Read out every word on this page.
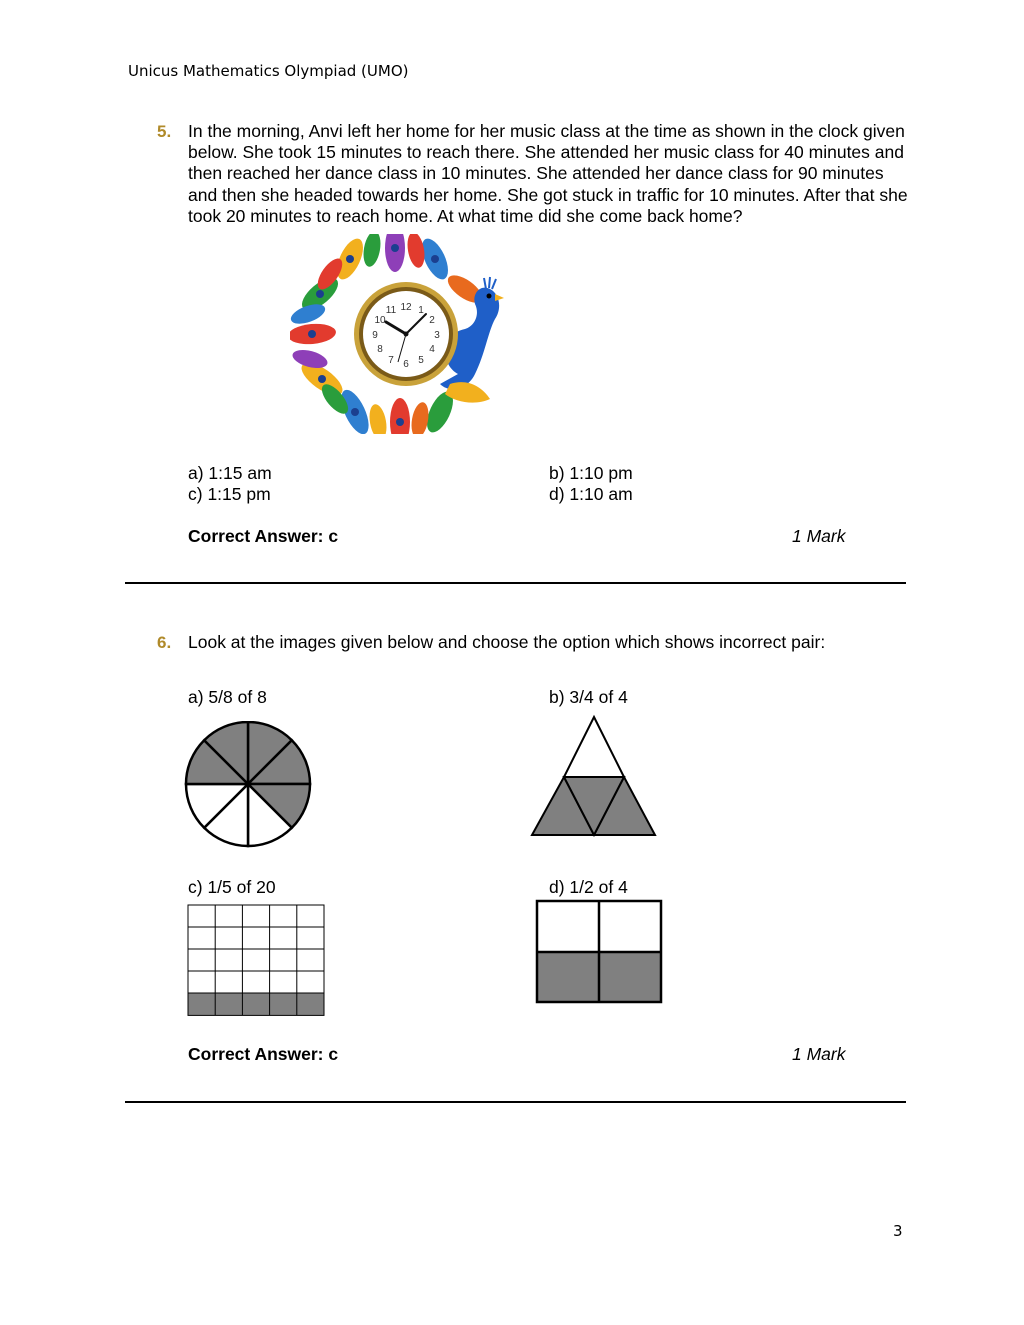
Unicus Mathematics Olympiad (UMO)
5. In the morning, Anvi left her home for her music class at the time as shown in the clock given below. She took 15 minutes to reach there. She attended her music class for 40 minutes and then reached her dance class in 10 minutes. She attended her dance class for 90 minutes and then she headed towards her home. She got stuck in traffic for 10 minutes. After that she took 20 minutes to reach home. At what time did she come back home?
12 1
2
3
4
5
6
7
8
9
10
11
a) 1:15 am	b) 1:10 pm
c) 1:15 pm	d) 1:10 am
Correct Answer: c	1 Mark
6. Look at the images given below and choose the option which shows incorrect pair:
a) 5/8 of 8	b) 3/4 of 4
c) 1/5 of 20	d) 1/2 of 4
Correct Answer: c	1 Mark
3
